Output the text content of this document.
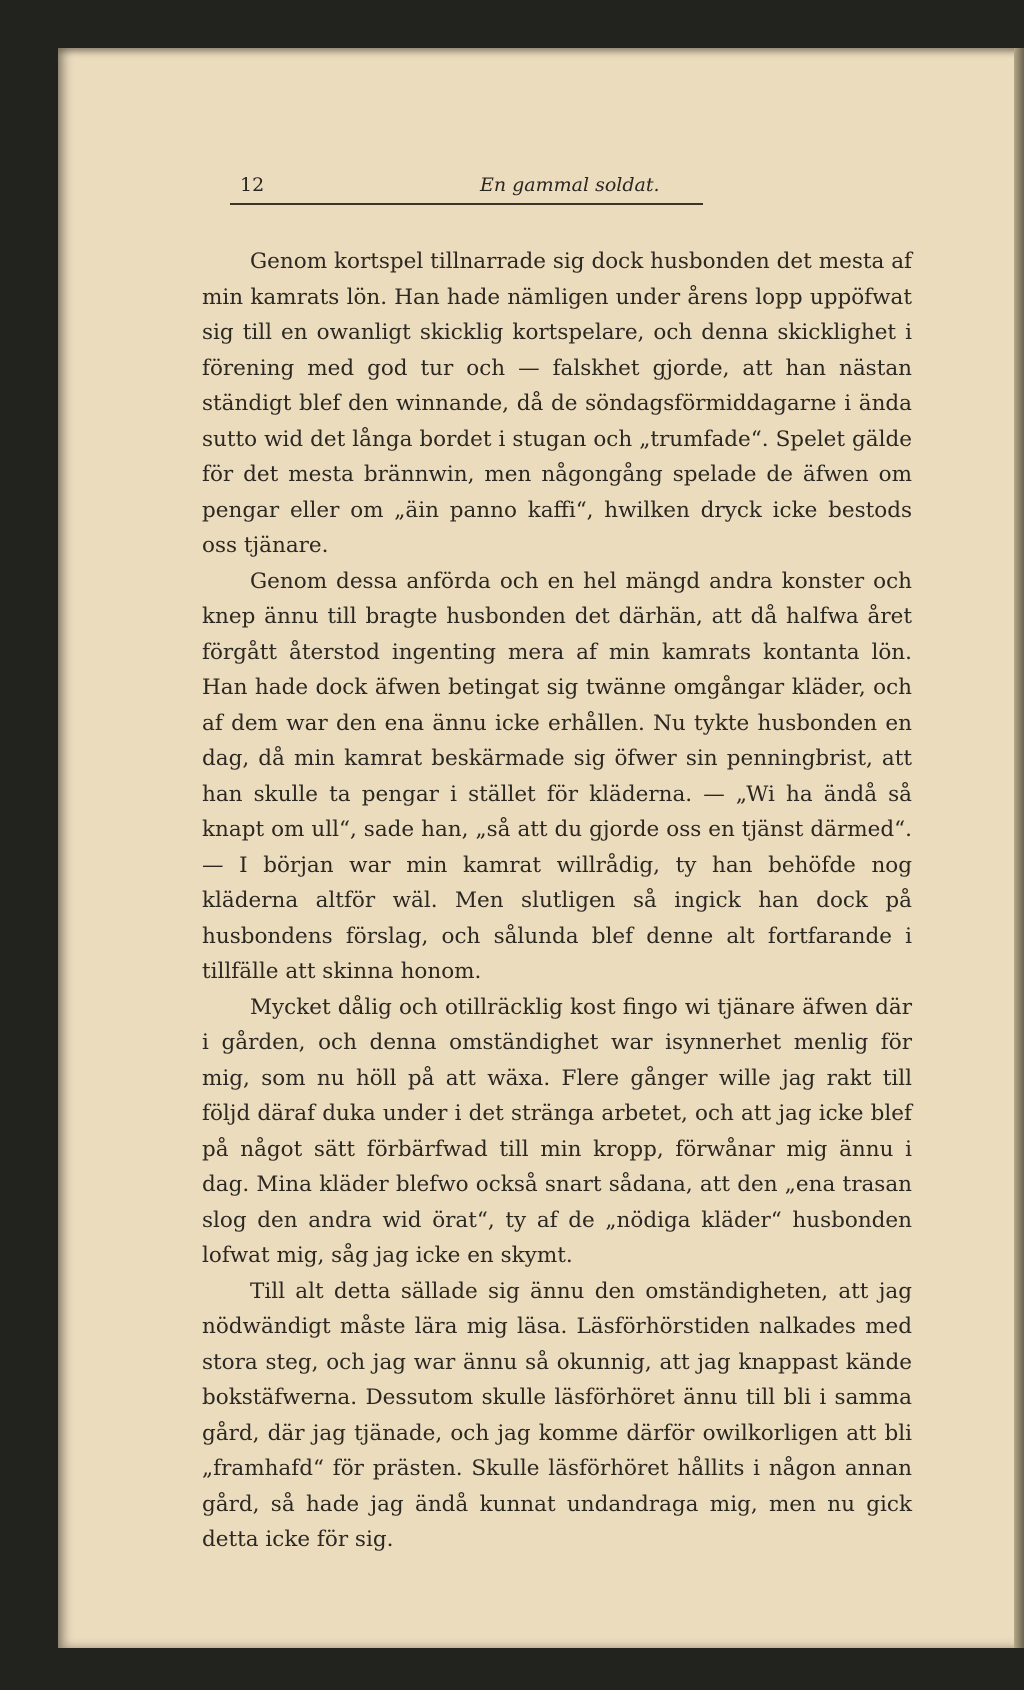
12	En gammal soldat.

Genom kortspel tillnarrade sig dock husbonden det mesta af min kamrats lön. Han hade nämligen under årens lopp uppöfwat sig till en owanligt skicklig kortspelare, och denna skicklighet i förening med god tur och — falskhet gjorde, att han nästan ständigt blef den winnande, då de söndagsförmiddagarne i ända sutto wid det långa bordet i stugan och „trumfade“. Spelet gälde för det mesta brännwin, men någongång spelade de äfwen om pengar eller om „äin panno kaffi“, hwilken dryck icke bestods oss tjänare.

Genom dessa anförda och en hel mängd andra konster och knep ännu till bragte husbonden det därhän, att då halfwa året förgått återstod ingenting mera af min kamrats kontanta lön. Han hade dock äfwen betingat sig twänne omgångar kläder, och af dem war den ena ännu icke erhållen. Nu tykte husbonden en dag, då min kamrat beskärmade sig öfwer sin penningbrist, att han skulle ta pengar i stället för kläderna. — „Wi ha ändå så knapt om ull“, sade han, „så att du gjorde oss en tjänst därmed“. — I början war min kamrat willrådig, ty han behöfde nog kläderna altför wäl. Men slutligen så ingick han dock på husbondens förslag, och sålunda blef denne alt fortfarande i tillfälle att skinna honom.

Mycket dålig och otillräcklig kost fingo wi tjänare äfwen där i gården, och denna omständighet war isynnerhet menlig för mig, som nu höll på att wäxa. Flere gånger wille jag rakt till följd däraf duka under i det stränga arbetet, och att jag icke blef på något sätt förbärfwad till min kropp, förwånar mig ännu i dag. Mina kläder blefwo också snart sådana, att den „ena trasan slog den andra wid örat“, ty af de „nödiga kläder“ husbonden lofwat mig, såg jag icke en skymt.

Till alt detta sällade sig ännu den omständigheten, att jag nödwändigt måste lära mig läsa. Läsförhörstiden nalkades med stora steg, och jag war ännu så okunnig, att jag knappast kände bokstäfwerna. Dessutom skulle läsförhöret ännu till bli i samma gård, där jag tjänade, och jag komme därför owilkorligen att bli „framhafd“ för prästen. Skulle läsförhöret hållits i någon annan gård, så hade jag ändå kunnat undandraga mig, men nu gick detta icke för sig.
